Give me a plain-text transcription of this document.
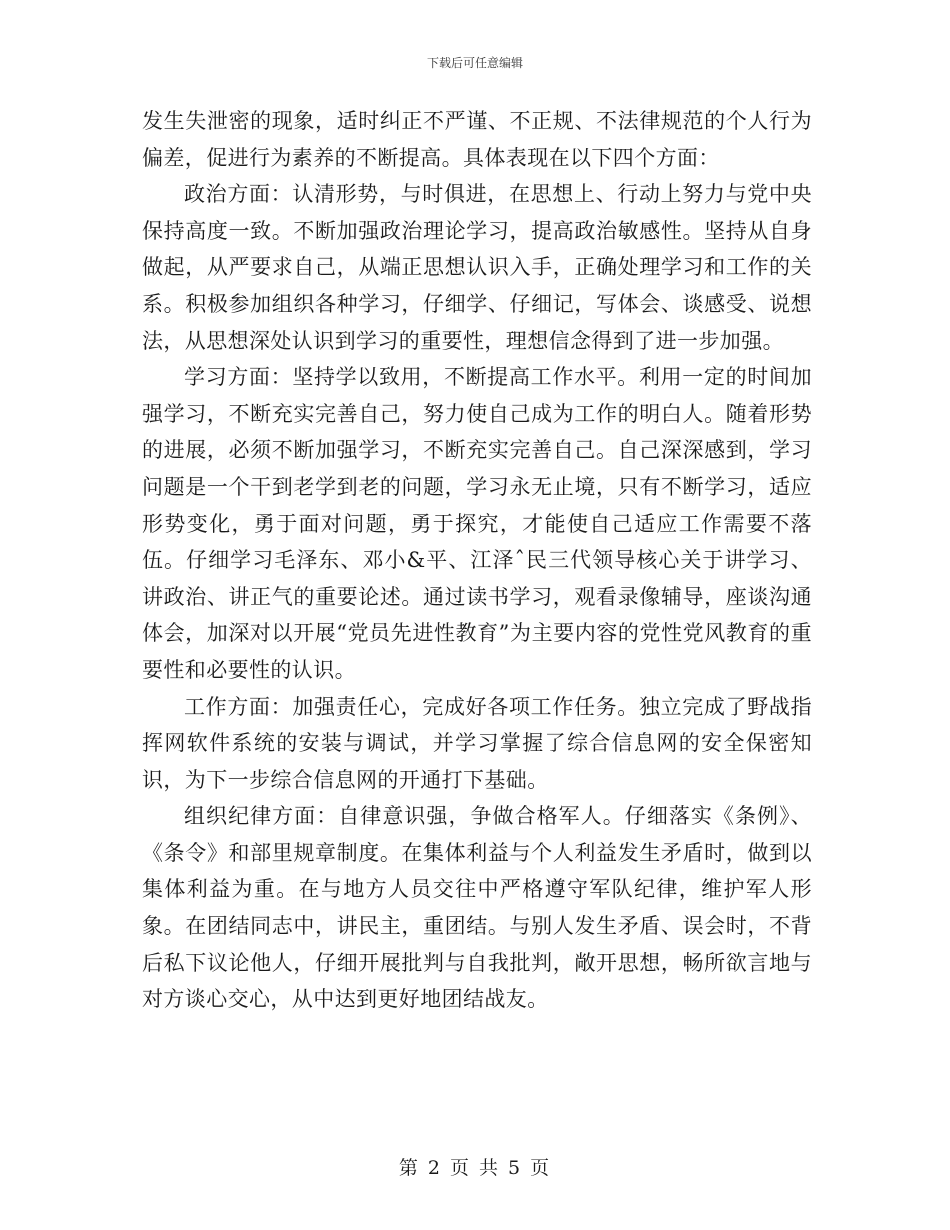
下载后可任意编辑

发生失泄密的现象，适时纠正不严谨、不正规、不法律规范的个人行为偏差，促进行为素养的不断提高。具体表现在以下四个方面：

政治方面：认清形势，与时俱进，在思想上、行动上努力与党中央保持高度一致。不断加强政治理论学习，提高政治敏感性。坚持从自身做起，从严要求自己，从端正思想认识入手，正确处理学习和工作的关系。积极参加组织各种学习，仔细学、仔细记，写体会、谈感受、说想法，从思想深处认识到学习的重要性，理想信念得到了进一步加强。

学习方面：坚持学以致用，不断提高工作水平。利用一定的时间加强学习，不断充实完善自己，努力使自己成为工作的明白人。随着形势的进展，必须不断加强学习，不断充实完善自己。自己深深感到，学习问题是一个干到老学到老的问题，学习永无止境，只有不断学习，适应形势变化，勇于面对问题，勇于探究，才能使自己适应工作需要不落伍。仔细学习毛泽东、邓小&平、江泽ˆ民三代领导核心关于讲学习、讲政治、讲正气的重要论述。通过读书学习，观看录像辅导，座谈沟通体会，加深对以开展“党员先进性教育”为主要内容的党性党风教育的重要性和必要性的认识。

工作方面：加强责任心，完成好各项工作任务。独立完成了野战指挥网软件系统的安装与调试，并学习掌握了综合信息网的安全保密知识，为下一步综合信息网的开通打下基础。

组织纪律方面：自律意识强，争做合格军人。仔细落实《条例》、《条令》和部里规章制度。在集体利益与个人利益发生矛盾时，做到以集体利益为重。在与地方人员交往中严格遵守军队纪律，维护军人形象。在团结同志中，讲民主，重团结。与别人发生矛盾、误会时，不背后私下议论他人，仔细开展批判与自我批判，敞开思想，畅所欲言地与对方谈心交心，从中达到更好地团结战友。

第 2 页 共 5 页
